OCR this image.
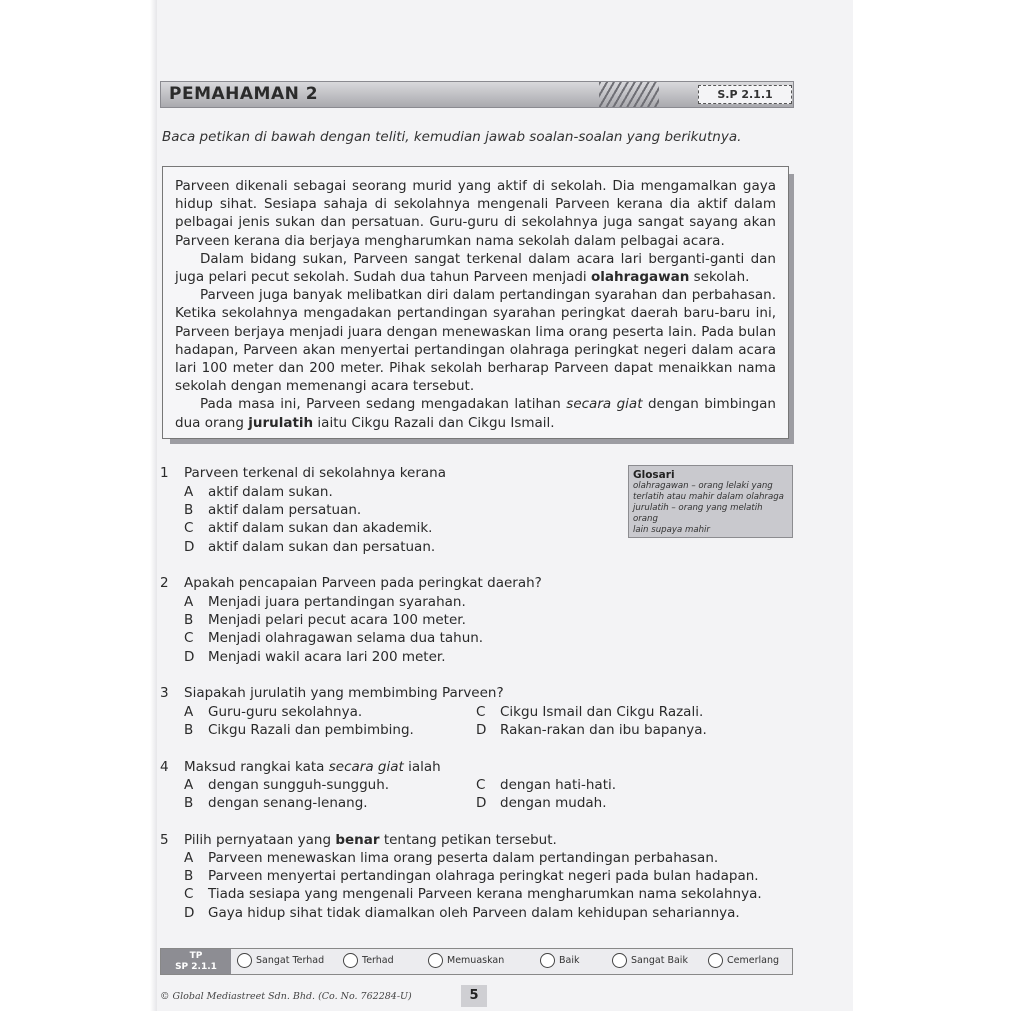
PEMAHAMAN 2	S.P 2.1.1
Baca petikan di bawah dengan teliti, kemudian jawab soalan-soalan yang berikutnya.

Parveen dikenali sebagai seorang murid yang aktif di sekolah. Dia mengamalkan gaya hidup sihat. Sesiapa sahaja di sekolahnya mengenali Parveen kerana dia aktif dalam pelbagai jenis sukan dan persatuan. Guru-guru di sekolahnya juga sangat sayang akan Parveen kerana dia berjaya mengharumkan nama sekolah dalam pelbagai acara.

Dalam bidang sukan, Parveen sangat terkenal dalam acara lari berganti-ganti dan juga pelari pecut sekolah. Sudah dua tahun Parveen menjadi olahragawan sekolah.

Parveen juga banyak melibatkan diri dalam pertandingan syarahan dan perbahasan. Ketika sekolahnya mengadakan pertandingan syarahan peringkat daerah baru-baru ini, Parveen berjaya menjadi juara dengan menewaskan lima orang peserta lain. Pada bulan hadapan, Parveen akan menyertai pertandingan olahraga peringkat negeri dalam acara lari 100 meter dan 200 meter. Pihak sekolah berharap Parveen dapat menaikkan nama sekolah dengan memenangi acara tersebut.

Pada masa ini, Parveen sedang mengadakan latihan secara giat dengan bimbingan dua orang jurulatih iaitu Cikgu Razali dan Cikgu Ismail.

Glosari
olahragawan – orang lelaki yang
terlatih atau mahir dalam olahraga
jurulatih – orang yang melatih orang
lain supaya mahir
1	Parveen terkenal di sekolahnya kerana
A aktif dalam sukan.
B aktif dalam persatuan.
C aktif dalam sukan dan akademik.
D aktif dalam sukan dan persatuan.
2	Apakah pencapaian Parveen pada peringkat daerah?
A Menjadi juara pertandingan syarahan.
B Menjadi pelari pecut acara 100 meter.
C Menjadi olahragawan selama dua tahun.
D Menjadi wakil acara lari 200 meter.
3	Siapakah jurulatih yang membimbing Parveen?
A Guru-guru sekolahnya.
B Cikgu Razali dan pembimbing.
C Cikgu Ismail dan Cikgu Razali.
D Rakan-rakan dan ibu bapanya.
4	Maksud rangkai kata secara giat ialah
A dengan sungguh-sungguh.
B dengan senang-lenang.
C dengan hati-hati.
D dengan mudah.
5	Pilih pernyataan yang benar tentang petikan tersebut.
A Parveen menewaskan lima orang peserta dalam pertandingan perbahasan.
B Parveen menyertai pertandingan olahraga peringkat negeri pada bulan hadapan.
C Tiada sesiapa yang mengenali Parveen kerana mengharumkan nama sekolahnya.
D Gaya hidup sihat tidak diamalkan oleh Parveen dalam kehidupan sehariannya.
TP
SP 2.1.1
Sangat Terhad	Terhad	Memuaskan	Baik	Sangat Baik	Cemerlang
© Global Mediastreet Sdn. Bhd. (Co. No. 762284-U)	5
